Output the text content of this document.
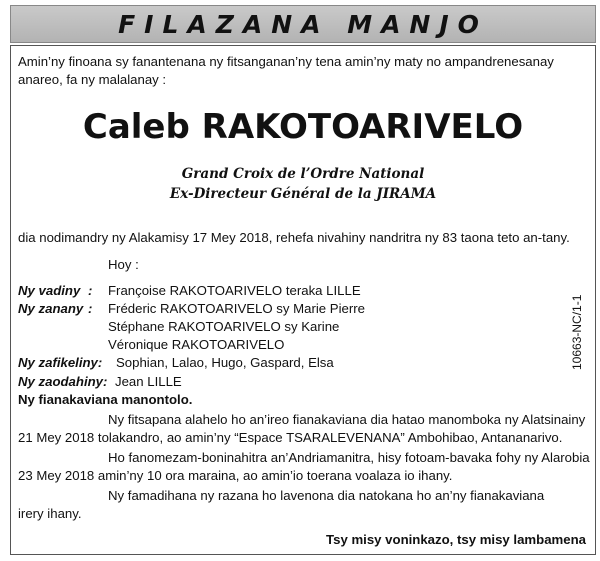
FILAZANA MANJO
Amin’ny finoana sy fanantenana ny fitsanganan’ny tena amin’ny maty no ampandrenesanay
anareo, fa ny malalanay :
Caleb RAKOTOARIVELO
Grand Croix de l’Ordre National
Ex-Directeur Général de la JIRAMA
dia nodimandry ny Alakamisy 17 Mey 2018, rehefa nivahiny nandritra ny 83 taona teto an-tany.
Hoy :
Ny vadiny : Françoise RAKOTOARIVELO teraka LILLE
Ny zanany : Fréderic RAKOTOARIVELO sy Marie Pierre
Stéphane RAKOTOARIVELO sy Karine
Véronique RAKOTOARIVELO
Ny zafikeliny: Sophian, Lalao, Hugo, Gaspard, Elsa
Ny zaodahiny: Jean LILLE
Ny fianakaviana manontolo.
Ny fitsapana alahelo ho an’ireo fianakaviana dia hatao manomboka ny Alatsinainy
21 Mey 2018 tolakandro, ao amin’ny “Espace TSARALEVENANA” Ambohibao, Antananarivo.
Ho fanomezam-boninahitra an’Andriamanitra, hisy fotoam-bavaka fohy ny Alarobia
23 Mey 2018 amin’ny 10 ora maraina, ao amin’io toerana voalaza io ihany.
Ny famadihana ny razana ho lavenona dia natokana ho an’ny fianakaviana
irery ihany.
Tsy misy voninkazo, tsy misy lambamena
10663-NC/1-1
